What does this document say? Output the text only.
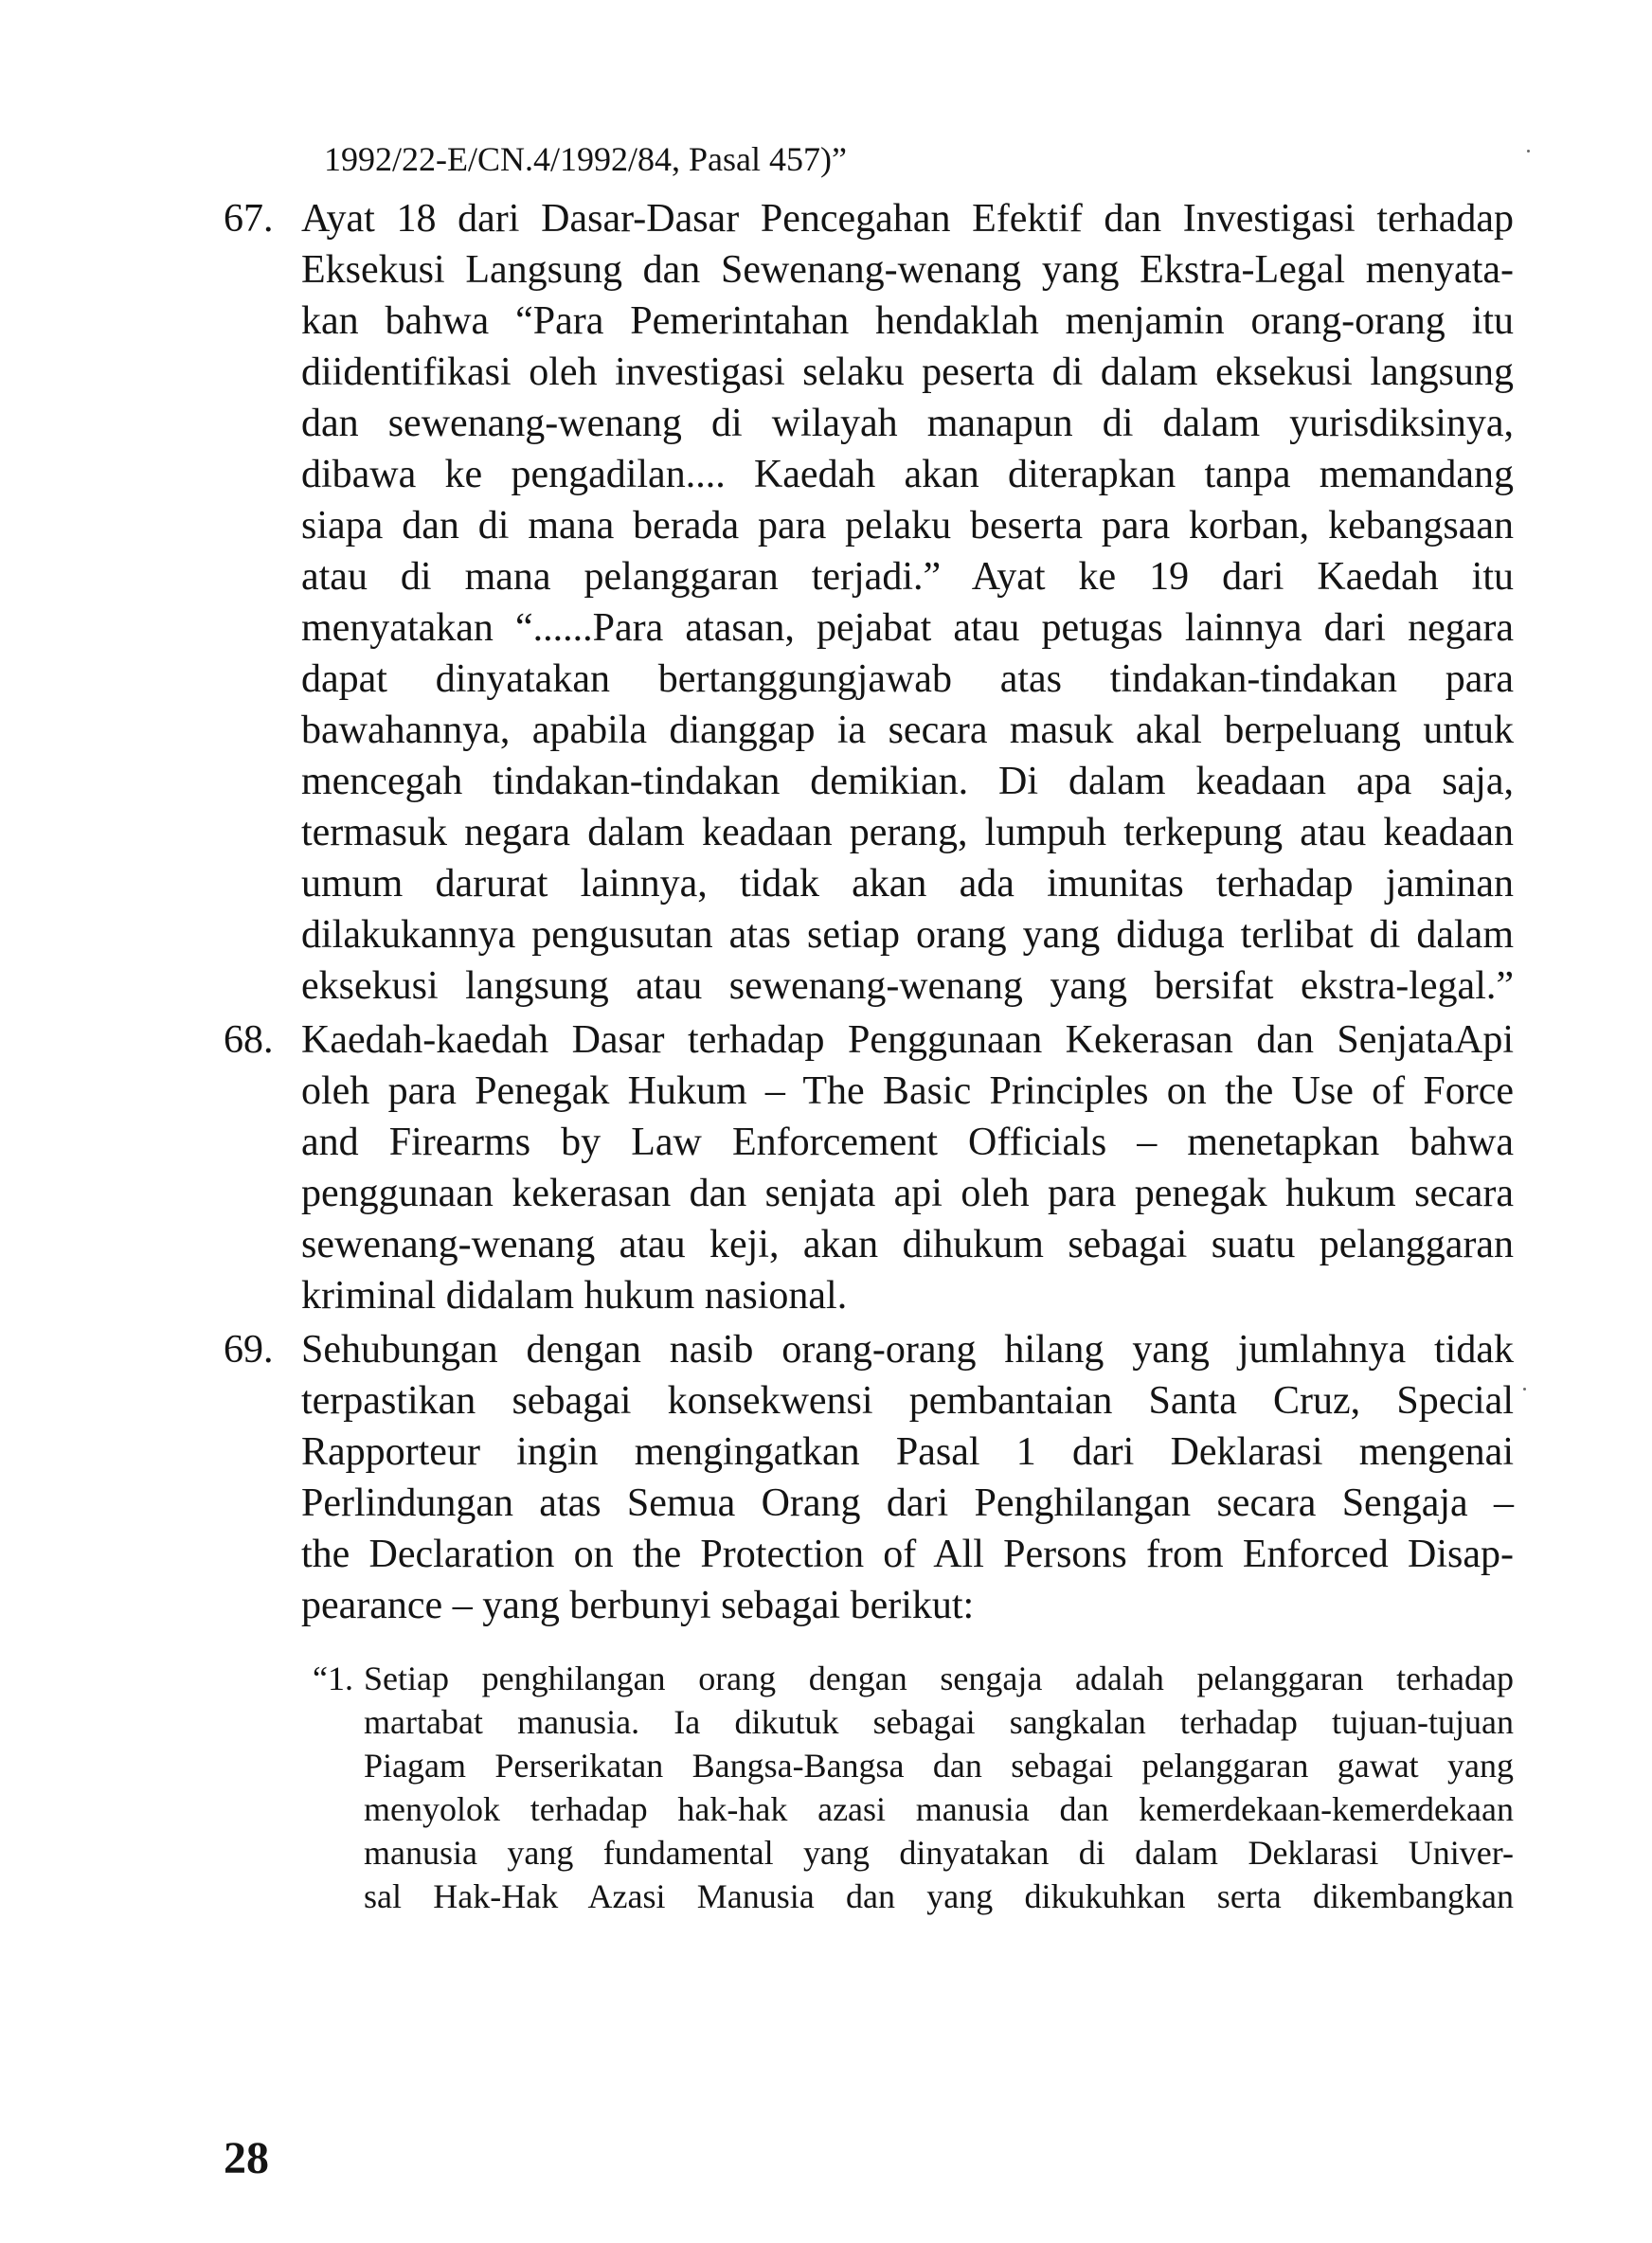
1992/22-E/CN.4/1992/84, Pasal 457)”
67. Ayat 18 dari Dasar-Dasar Pencegahan Efektif dan Investigasi terhadap
Eksekusi Langsung dan Sewenang-wenang yang Ekstra-Legal menyata-
kan bahwa “Para Pemerintahan hendaklah menjamin orang-orang itu
diidentifikasi oleh investigasi selaku peserta di dalam eksekusi langsung
dan sewenang-wenang di wilayah manapun di dalam yurisdiksinya,
dibawa ke pengadilan.... Kaedah akan diterapkan tanpa memandang
siapa dan di mana berada para pelaku beserta para korban, kebangsaan
atau di mana pelanggaran terjadi.” Ayat ke 19 dari Kaedah itu
menyatakan “......Para atasan, pejabat atau petugas lainnya dari negara
dapat dinyatakan bertanggungjawab atas tindakan-tindakan para
bawahannya, apabila dianggap ia secara masuk akal berpeluang untuk
mencegah tindakan-tindakan demikian. Di dalam keadaan apa saja,
termasuk negara dalam keadaan perang, lumpuh terkepung atau keadaan
umum darurat lainnya, tidak akan ada imunitas terhadap jaminan
dilakukannya pengusutan atas setiap orang yang diduga terlibat di dalam
eksekusi langsung atau sewenang-wenang yang bersifat ekstra-legal.”
68. Kaedah-kaedah Dasar terhadap Penggunaan Kekerasan dan SenjataApi
oleh para Penegak Hukum – The Basic Principles on the Use of Force
and Firearms by Law Enforcement Officials – menetapkan bahwa
penggunaan kekerasan dan senjata api oleh para penegak hukum secara
sewenang-wenang atau keji, akan dihukum sebagai suatu pelanggaran
kriminal didalam hukum nasional.
69. Sehubungan dengan nasib orang-orang hilang yang jumlahnya tidak
terpastikan sebagai konsekwensi pembantaian Santa Cruz, Special
Rapporteur ingin mengingatkan Pasal 1 dari Deklarasi mengenai
Perlindungan atas Semua Orang dari Penghilangan secara Sengaja –
the Declaration on the Protection of All Persons from Enforced Disap-
pearance – yang berbunyi sebagai berikut:
“1. Setiap penghilangan orang dengan sengaja adalah pelanggaran terhadap
martabat manusia. Ia dikutuk sebagai sangkalan terhadap tujuan-tujuan
Piagam Perserikatan Bangsa-Bangsa dan sebagai pelanggaran gawat yang
menyolok terhadap hak-hak azasi manusia dan kemerdekaan-kemerdekaan
manusia yang fundamental yang dinyatakan di dalam Deklarasi Univer-
sal Hak-Hak Azasi Manusia dan yang dikukuhkan serta dikembangkan
28
